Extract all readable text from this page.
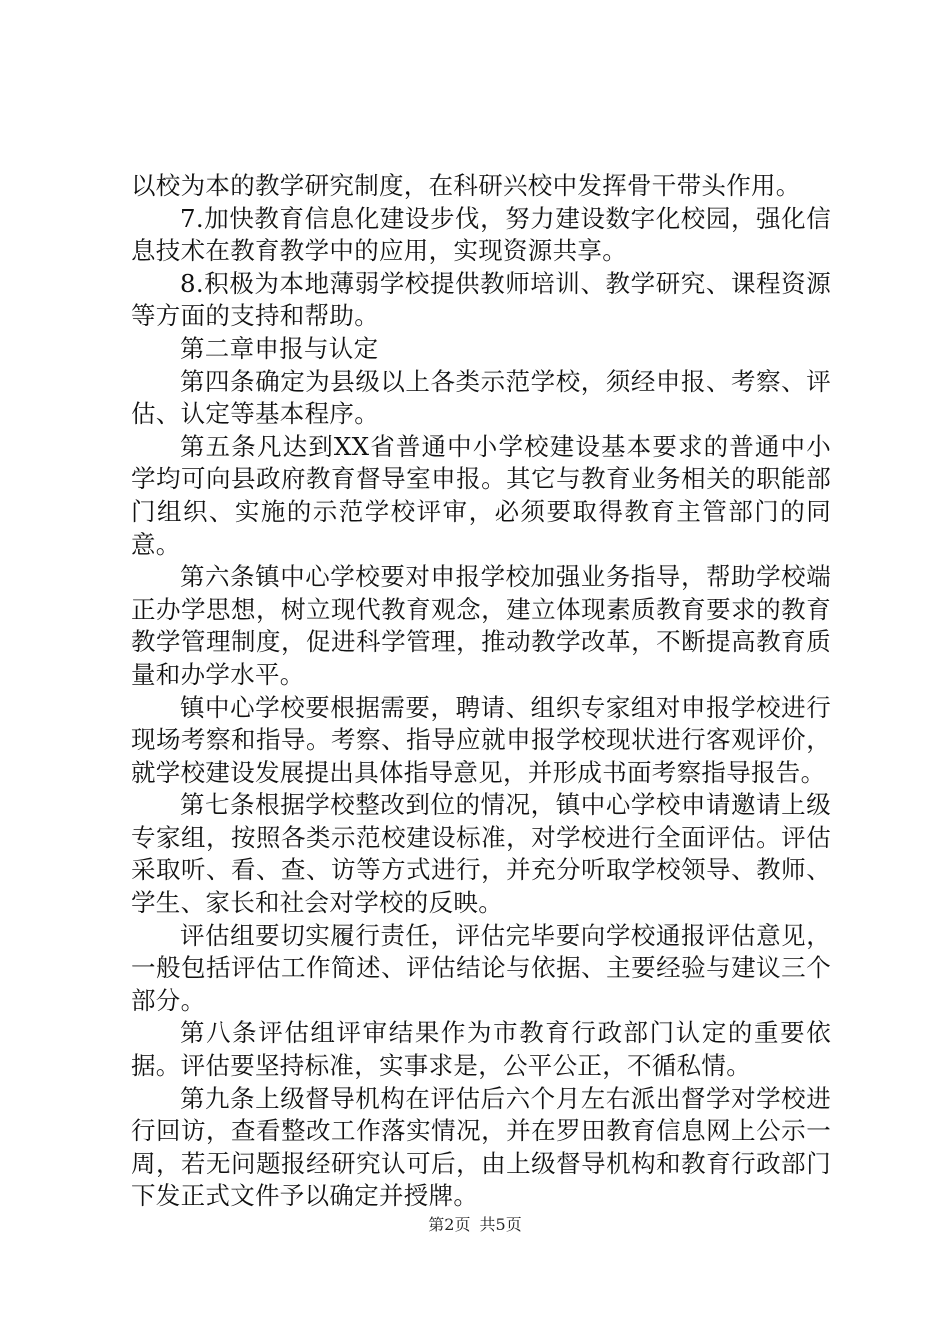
以校为本的教学研究制度，在科研兴校中发挥骨干带头作用。

7.加快教育信息化建设步伐，努力建设数字化校园，强化信息技术在教育教学中的应用，实现资源共享。

8.积极为本地薄弱学校提供教师培训、教学研究、课程资源等方面的支持和帮助。

第二章申报与认定

第四条确定为县级以上各类示范学校，须经申报、考察、评估、认定等基本程序。

第五条凡达到XX省普通中小学校建设基本要求的普通中小学均可向县政府教育督导室申报。其它与教育业务相关的职能部门组织、实施的示范学校评审，必须要取得教育主管部门的同意。

第六条镇中心学校要对申报学校加强业务指导，帮助学校端正办学思想，树立现代教育观念，建立体现素质教育要求的教育教学管理制度，促进科学管理，推动教学改革，不断提高教育质量和办学水平。

镇中心学校要根据需要，聘请、组织专家组对申报学校进行现场考察和指导。考察、指导应就申报学校现状进行客观评价，就学校建设发展提出具体指导意见，并形成书面考察指导报告。

第七条根据学校整改到位的情况，镇中心学校申请邀请上级专家组，按照各类示范校建设标准，对学校进行全面评估。评估采取听、看、查、访等方式进行，并充分听取学校领导、教师、学生、家长和社会对学校的反映。

评估组要切实履行责任，评估完毕要向学校通报评估意见，一般包括评估工作简述、评估结论与依据、主要经验与建议三个部分。

第八条评估组评审结果作为市教育行政部门认定的重要依据。评估要坚持标准，实事求是，公平公正，不循私情。

第九条上级督导机构在评估后六个月左右派出督学对学校进行回访，查看整改工作落实情况，并在罗田教育信息网上公示一周，若无问题报经研究认可后，由上级督导机构和教育行政部门下发正式文件予以确定并授牌。

第2页 共5页
